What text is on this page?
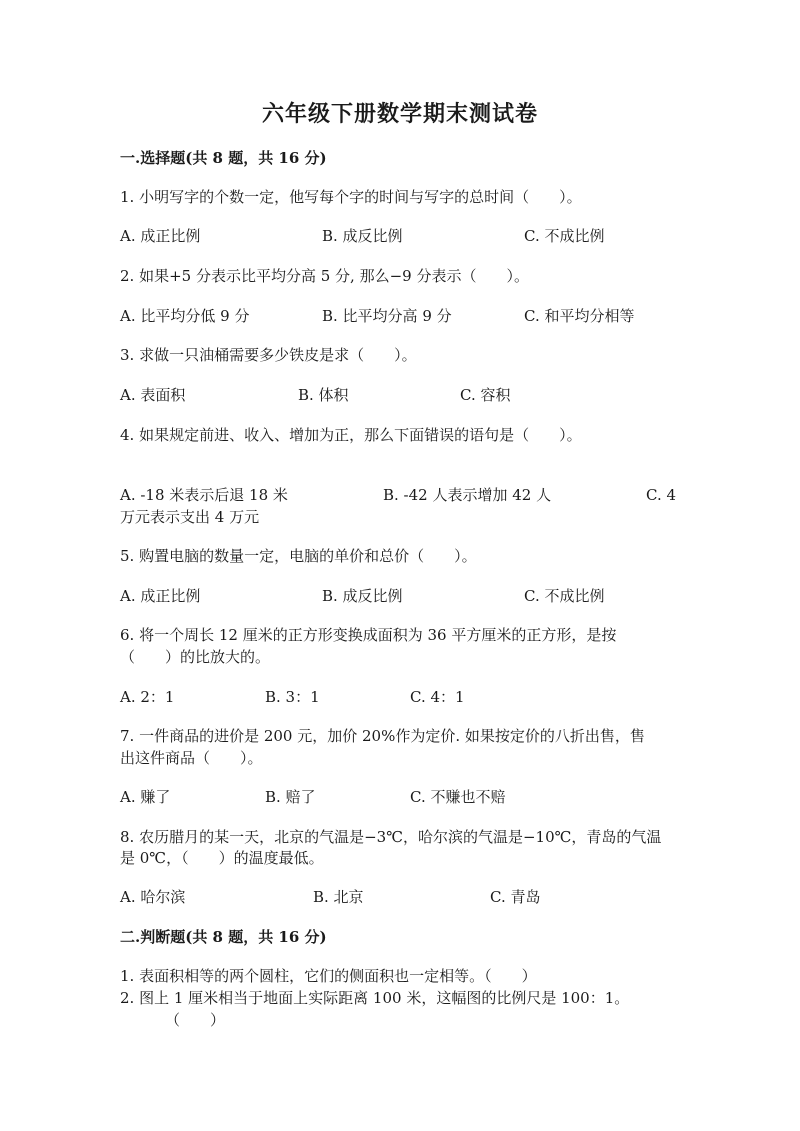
六年级下册数学期末测试卷
一.选择题(共 8 题，共 16 分)
1. 小明写字的个数一定，他写每个字的时间与写字的总时间（　　）。
A. 成正比例	B. 成反比例	C. 不成比例
2. 如果+5 分表示比平均分高 5 分, 那么−9 分表示（　　）。
A. 比平均分低 9 分	B. 比平均分高 9 分	C. 和平均分相等
3. 求做一只油桶需要多少铁皮是求（　　）。
A. 表面积	B. 体积	C. 容积
4. 如果规定前进、收入、增加为正，那么下面错误的语句是（　　）。
A. -18 米表示后退 18 米	B. -42 人表示增加 42 人	C. 4
万元表示支出 4 万元
5. 购置电脑的数量一定，电脑的单价和总价（　　）。
A. 成正比例	B. 成反比例	C. 不成比例
6. 将一个周长 12 厘米的正方形变换成面积为 36 平方厘米的正方形，是按
（　　）的比放大的。
A. 2：1	B. 3：1	C. 4：1
7. 一件商品的进价是 200 元，加价 20%作为定价. 如果按定价的八折出售，售
出这件商品（　　）。
A. 赚了	B. 赔了	C. 不赚也不赔
8. 农历腊月的某一天，北京的气温是−3℃，哈尔滨的气温是−10℃，青岛的气温
是 0℃，（　　）的温度最低。
A. 哈尔滨	B. 北京	C. 青岛
二.判断题(共 8 题，共 16 分)
1. 表面积相等的两个圆柱，它们的侧面积也一定相等。（　　）
2. 图上 1 厘米相当于地面上实际距离 100 米，这幅图的比例尺是 100：1。
（　　）
